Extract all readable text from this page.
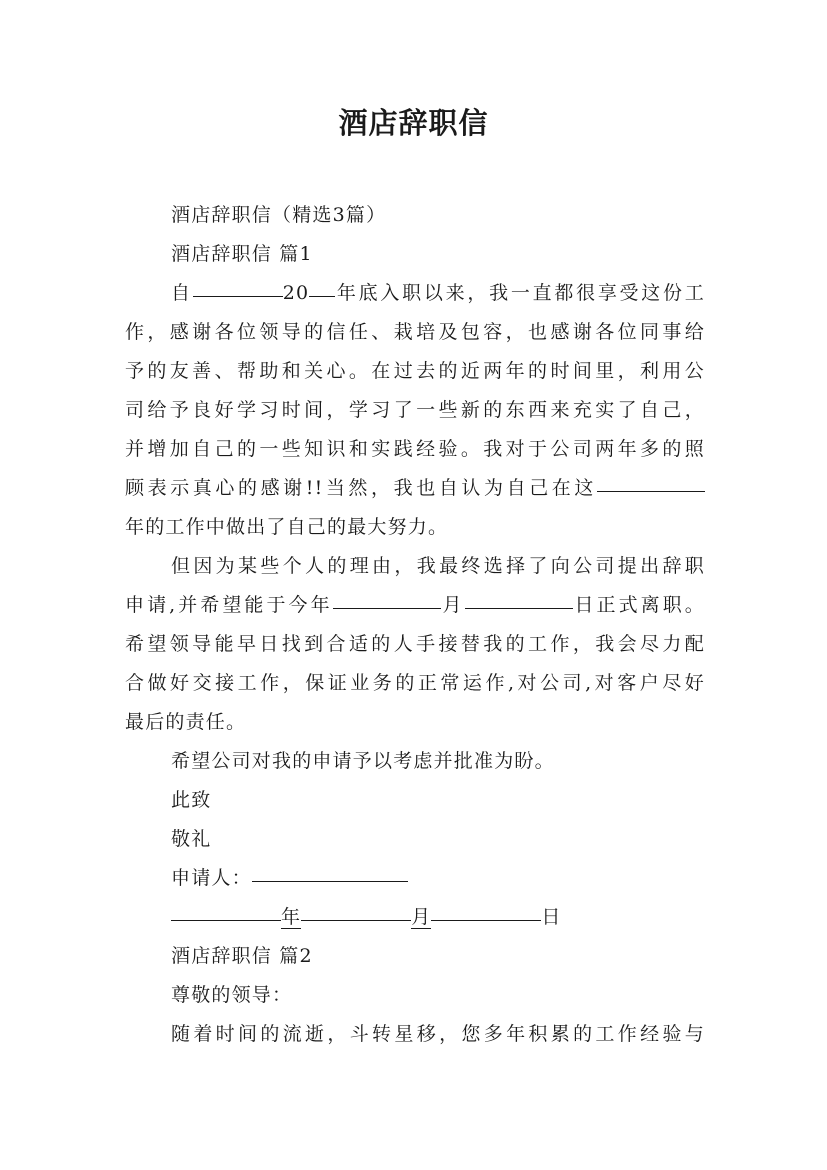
酒店辞职信
酒店辞职信（精选3篇）
酒店辞职信 篇1
自	20 年底入职以来，我一直都很享受这份工
作，感谢各位领导的信任、栽培及包容，也感谢各位同事给
予的友善、帮助和关心。在过去的近两年的时间里，利用公
司给予良好学习时间，学习了一些新的东西来充实了自己，
并增加自己的一些知识和实践经验。我对于公司两年多的照
顾表示真心的感谢!!当然，我也自认为自己在这
年的工作中做出了自己的最大努力。
但因为某些个人的理由，我最终选择了向公司提出辞职
申请,并希望能于今年	月	日正式离职。
希望领导能早日找到合适的人手接替我的工作，我会尽力配
合做好交接工作，保证业务的正常运作,对公司,对客户尽好
最后的责任。
希望公司对我的申请予以考虑并批准为盼。
此致
敬礼
申请人：
年	月	日
酒店辞职信 篇2
尊敬的领导：
随着时间的流逝，斗转星移，您多年积累的工作经验与
